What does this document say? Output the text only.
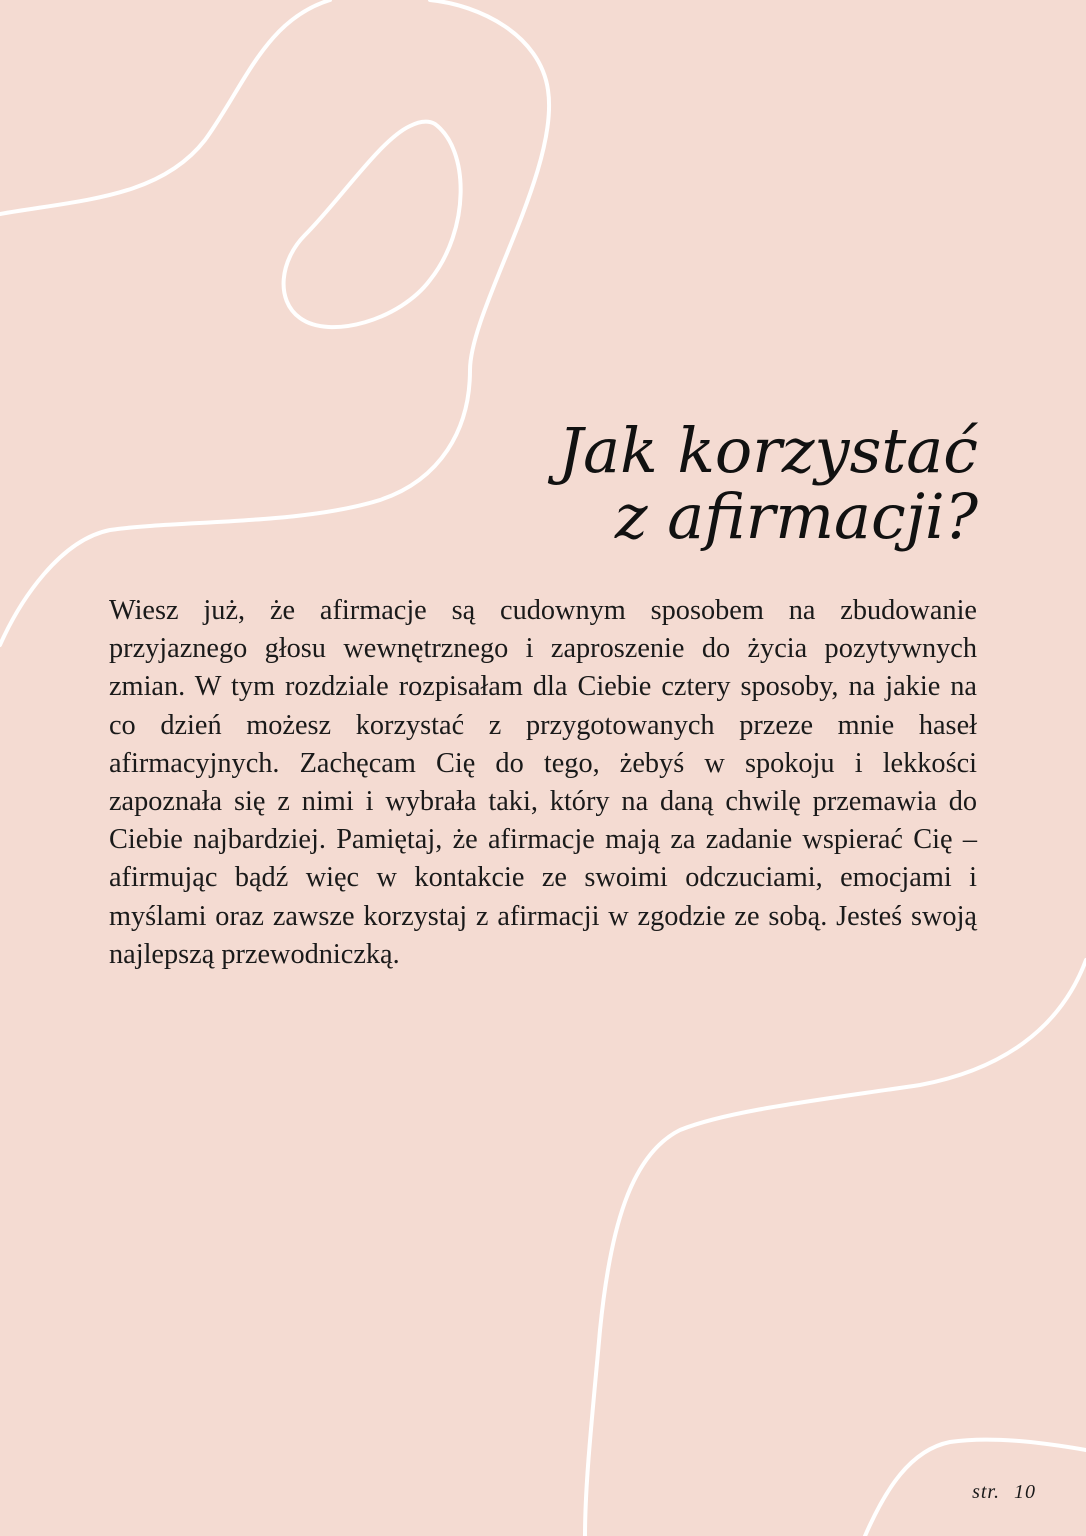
Jak korzystać
z afirmacji?

Wiesz już, że afirmacje są cudownym sposobem na zbudowanie przyjaznego głosu wewnętrznego i zaproszenie do życia pozytywnych zmian. W tym rozdziale rozpisałam dla Ciebie cztery sposoby, na jakie na co dzień możesz korzystać z przygotowanych przeze mnie haseł afirmacyjnych. Zachęcam Cię do tego, żebyś w spokoju i lekkości zapoznała się z nimi i wybrała taki, który na daną chwilę przemawia do Ciebie najbardziej. Pamiętaj, że afirmacje mają za zadanie wspierać Cię – afirmując bądź więc w kontakcie ze swoimi odczuciami, emocjami i myślami oraz zawsze korzystaj z afirmacji w zgodzie ze sobą. Jesteś swoją najlepszą przewodniczką.

str. 10
